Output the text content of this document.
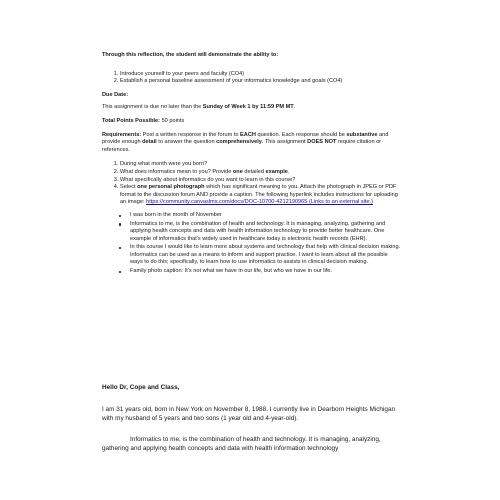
Through this reflection, the student will demonstrate the ability to:

1. Introduce yourself to your peers and faculty (CO4)
2. Establish a personal baseline assessment of your informatics knowledge and goals (CO4)

Due Date:

This assignment is due no later than the Sunday of Week 1 by 11:59 PM MT.

Total Points Possible: 50 points

Requirements: Post a written response in the forum to EACH question. Each response should be substantive and provide enough detail to answer the question comprehensively. This assignment DOES NOT require citation or references.

1. During what month were you born?
2. What does informatics mean to you? Provide one detailed example.
3. What specifically about informatics do you want to learn in this course?
4. Select one personal photograph which has significant meaning to you. Attach the photograph in JPEG or PDF format to the discussion forum AND provide a caption. The following hyperlink includes instructions for uploading an image: https://community.canvaslms.com/docs/DOC-10700-4212190965 (Links to an external site.)
I was born in the month of November
Informatics to me, is the combination of health and technology. It is managing, analyzing, gathering and applying health concepts and data with health information technology to provide better healthcare. One example of informatics that's widely used in healthcare today is electronic health records (EHR).
In this course I would like to learn more about systems and technology that help with clinical decision making. Informatics can be used as a means to inform and support practice. I want to learn about all the possible ways to do this; specifically, to learn how to use informatics to assists in clinical decision making.
Family photo caption: It's not what we have in our life, but who we have in our life.

Hello Dr, Cope and Class,

I am 31 years old, born in New York on November 8, 1988. I currently live in Dearborn Heights Michigan with my husband of 5 years and two sons (1 year old and 4-year-old).

Informatics to me, is the combination of health and technology. It is managing, analyzing, gathering and applying health concepts and data with health information technology
